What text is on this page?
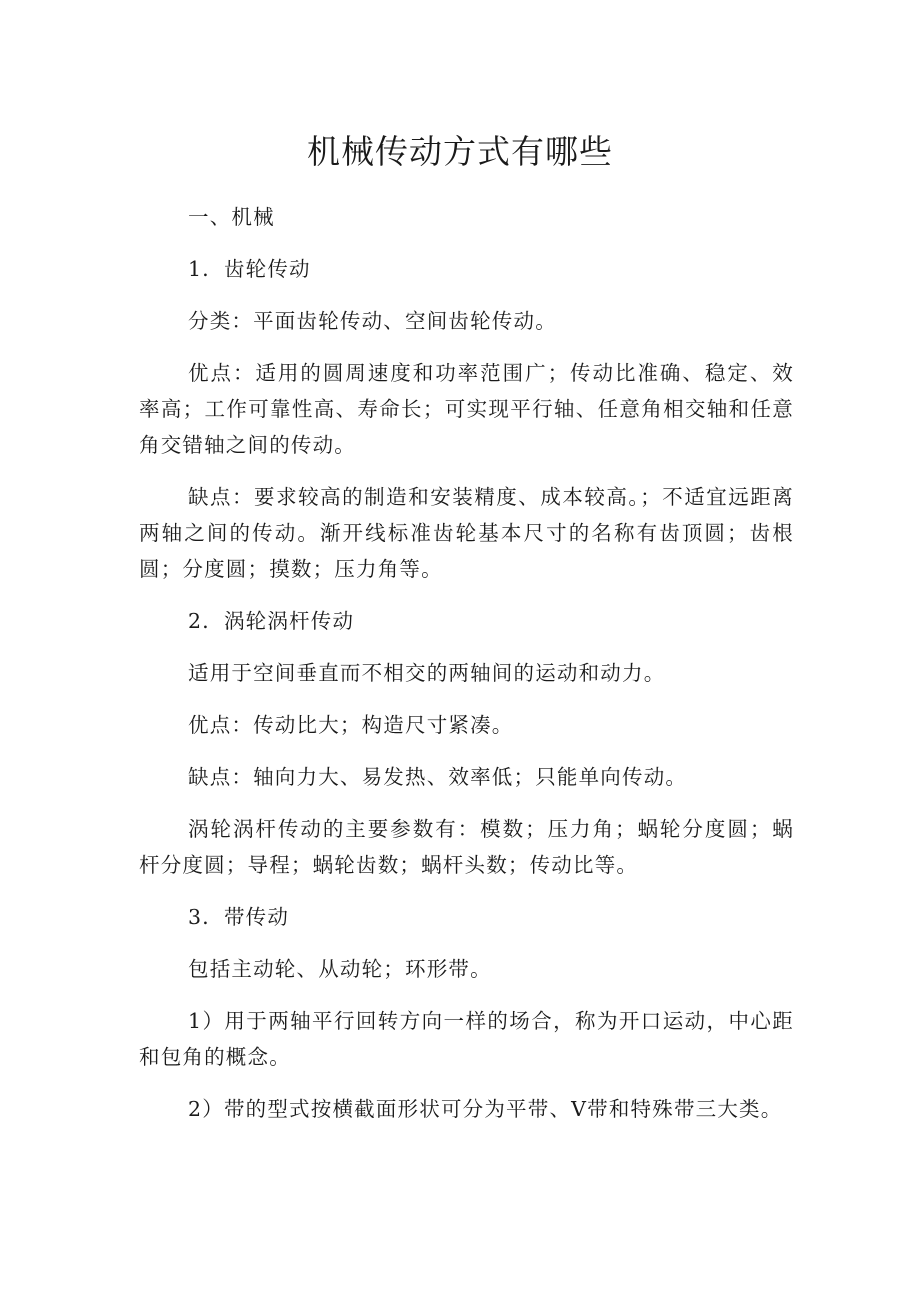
机械传动方式有哪些

一、机械

1．齿轮传动

分类：平面齿轮传动、空间齿轮传动。

优点：适用的圆周速度和功率范围广；传动比准确、稳定、效率高；工作可靠性高、寿命长；可实现平行轴、任意角相交轴和任意角交错轴之间的传动。

缺点：要求较高的制造和安装精度、成本较高。；不适宜远距离两轴之间的传动。渐开线标准齿轮基本尺寸的名称有齿顶圆；齿根圆；分度圆；摸数；压力角等。

2．涡轮涡杆传动

适用于空间垂直而不相交的两轴间的运动和动力。

优点：传动比大；构造尺寸紧凑。

缺点：轴向力大、易发热、效率低；只能单向传动。

涡轮涡杆传动的主要参数有：模数；压力角；蜗轮分度圆；蜗杆分度圆；导程；蜗轮齿数；蜗杆头数；传动比等。

3．带传动

包括主动轮、从动轮；环形带。

1）用于两轴平行回转方向一样的场合，称为开口运动，中心距和包角的概念。

2）带的型式按横截面形状可分为平带、V带和特殊带三大类。
